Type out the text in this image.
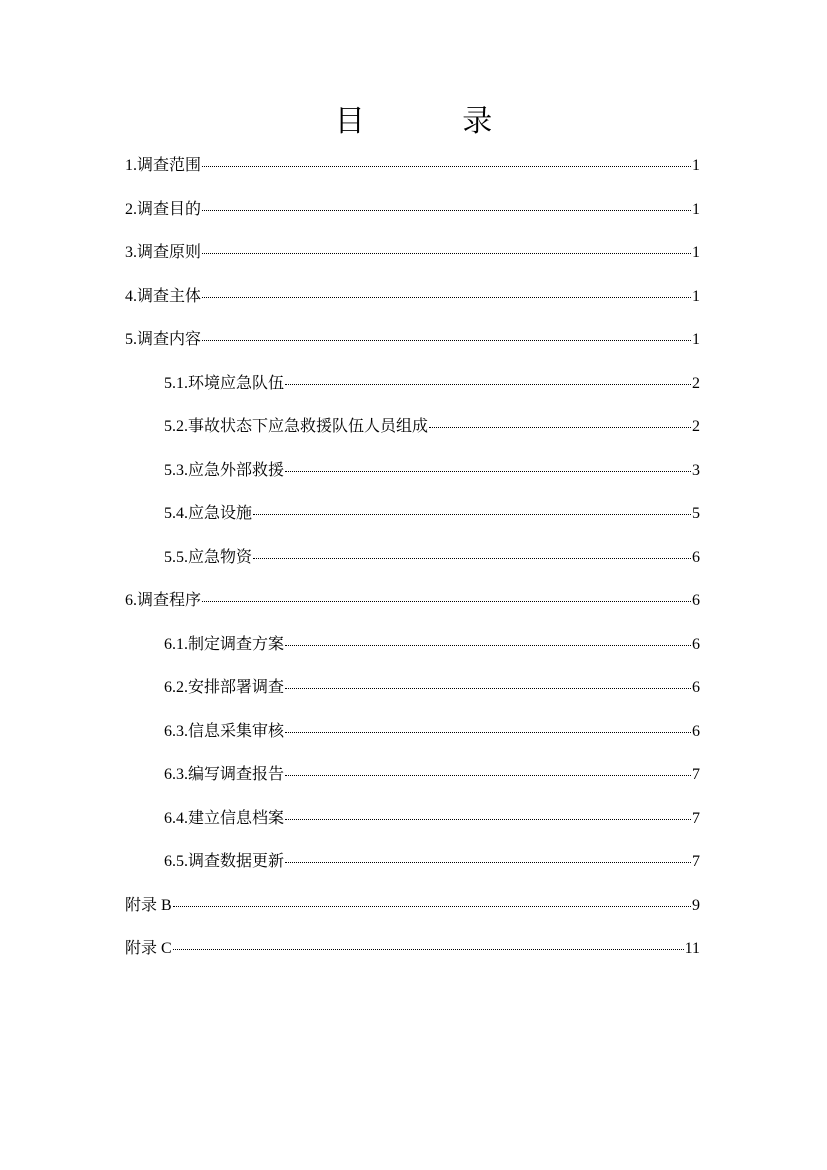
目 录
1.调查范围	1
2.调查目的	1
3.调查原则	1
4.调查主体	1
5.调查内容	1
5.1.环境应急队伍	2
5.2.事故状态下应急救援队伍人员组成	2
5.3.应急外部救援	3
5.4.应急设施	5
5.5.应急物资	6
6.调查程序	6
6.1.制定调查方案	6
6.2.安排部署调查	6
6.3.信息采集审核	6
6.3.编写调查报告	7
6.4.建立信息档案	7
6.5.调查数据更新	7
附录 B	9
附录 C	11
